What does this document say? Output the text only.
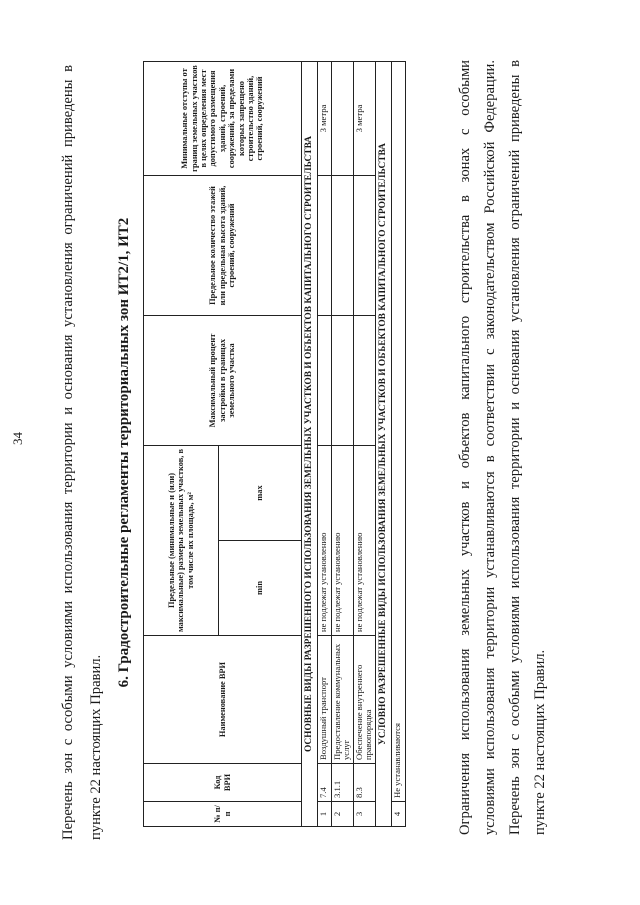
34 Перечень зон с особыми условиями использования территории и основания установления ограничений приведены в пункте 22 настоящих Правил.
6. Градостроительные регламенты территориальных зон ИТ2/1, ИТ2
№ п/п	Код ВРИ	Наименование ВРИ	Предельные (минимальные и (или) максимальные) размеры земельных участков, в том числе их площадь, м²		Максимальный процент застройки в границах земельного участка	Предельное количество этажей или предельная высота зданий, строений, сооружений	Минимальные отступы от границ земельных участков в целях определения мест допустимого размещения зданий, строений, сооружений, за пределами которых запрещено строительство зданий, строений, сооружений
			min	max			
ОСНОВНЫЕ ВИДЫ РАЗРЕШЕННОГО ИСПОЛЬЗОВАНИЯ ЗЕМЕЛЬНЫХ УЧАСТКОВ И ОБЪЕКТОВ КАПИТАЛЬНОГО СТРОИТЕЛЬСТВА							
1	7.4	Воздушный транспорт	не подлежат установлению				3 метра
2	3.1.1	Предоставление коммунальных услуг	не подлежат установлению				
3	8.3	Обеспечение внутреннего правопорядка	не подлежат установлению				3 метра
УСЛОВНО РАЗРЕШЕННЫЕ ВИДЫ ИСПОЛЬЗОВАНИЯ ЗЕМЕЛЬНЫХ УЧАСТКОВ И ОБЪЕКТОВ КАПИТАЛЬНОГО СТРОИТЕЛЬСТВА							
4	Не устанавливаются							Ограничения использования земельных участков и объектов капитального строительства в зонах с особыми условиями использования территории устанавливаются в соответствии с законодательством Российской Федерации. Перечень зон с особыми условиями использования территории и основания установления ограничений приведены в пункте 22 настоящих Правил.
